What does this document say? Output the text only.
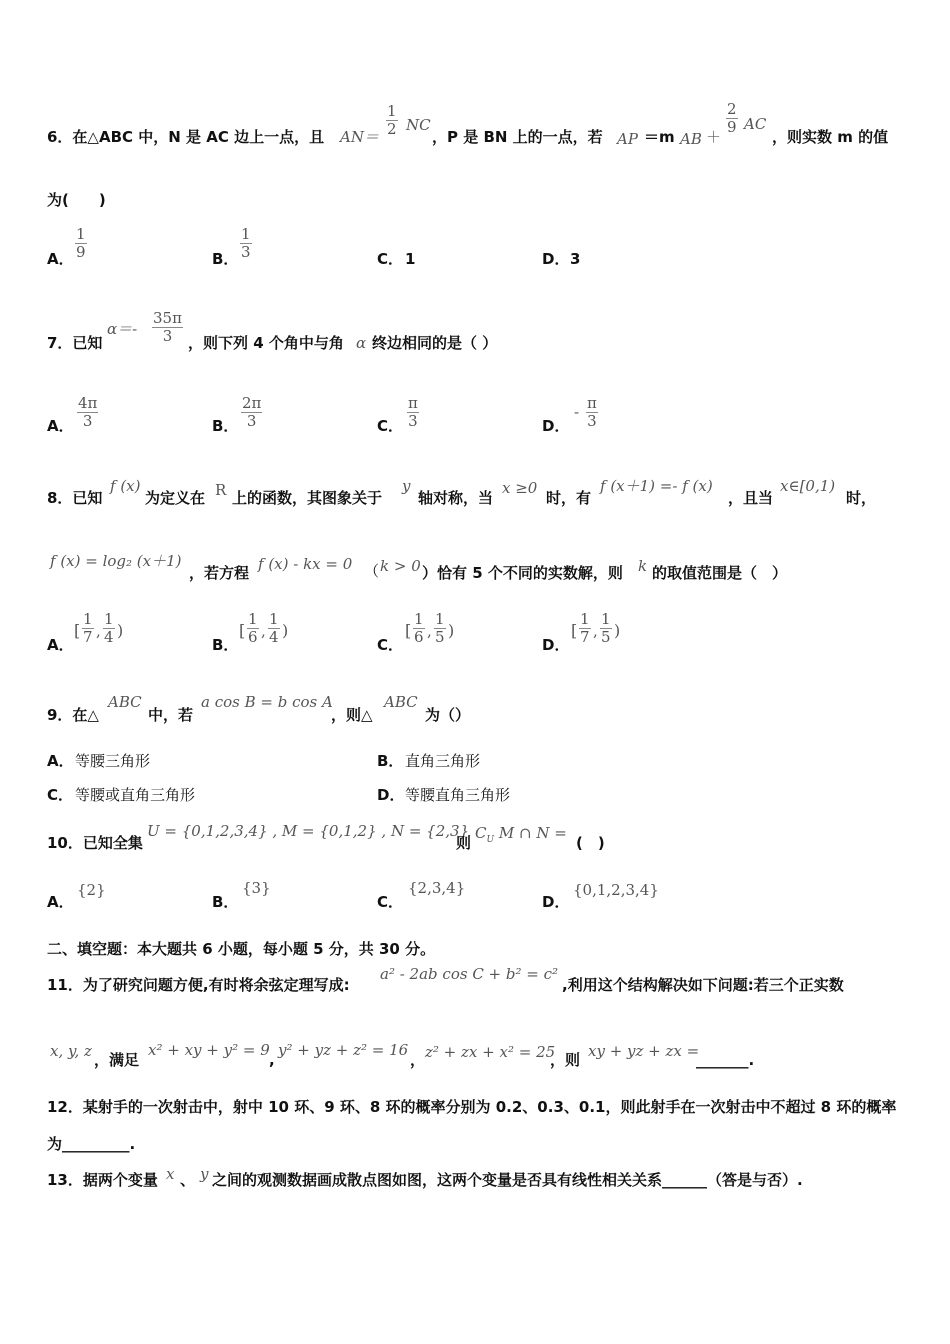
6．在△ABC 中，N 是 AC 边上一点，且 $AN= \frac{1}{2}$ NC
，P 是 BN 上的一点，若 AP ＝m AB ＋
$\frac{2}{9}$ AC
，则实数 m 的值
为(　　)
A． $\frac{1}{9}$	B． $\frac{1}{3}$	C． 1	D． 3
7．已知
$\alpha=- \frac{35\pi}{3}$ ，则下列 4 个角中与角 α 终边相同的是（ ）
A． $\frac{4\pi}{3}$	B． $\frac{2\pi}{3}$	C． $\frac{\pi}{3}$	D．
- $\frac{\pi}{3}$
8．已知
f (x)
为定义在 R 上的函数，其图象关于
y
轴对称，当
x ≥0
时，有
f (x＋1) =- f (x)
，且当
x∈[0,1)
时，
f (x) = log₂ (x＋1)
，若方程 f (x) - kx = 0 （ k > 0 ）恰有 5 个不同的实数解，则 k 的取值范围是（　）
A．
[ $\frac{1}{7}$ , $\frac{1}{4}$ )
B．
[ $\frac{1}{6}$ , $\frac{1}{4}$ )
C．
[ $\frac{1}{6}$ , $\frac{1}{5}$ )
D．
[ $\frac{1}{7}$ , $\frac{1}{5}$ )
9．在△
ABC
中，若
a cos B = b cos A
，则△
ABC
为（）
A． 等腰三角形	B． 直角三角形
C． 等腰或直角三角形	D． 等腰直角三角形
10．已知全集
U = {0,1,2,3,4} , M = {0,1,2} , N = {2,3}
则
$C_U$ M ∩ N =
(　)
A．
{2}
B．
{3}
C．
{2,3,4}
D．
{0,1,2,3,4}
二、填空题：本大题共 6 小题，每小题 5 分，共 30 分。
11．为了研究问题方便,有时将余弦定理写成:
a² - 2ab cos C + b² = c²
,利用这个结构解决如下问题:若三个正实数
x, y, z ，满足
x² + xy + y² = 9
,
y² + yz + z² = 16
， z² + zx + x² = 25
，则 xy + yz + zx =
_______.
12．某射手的一次射击中，射中 10 环、9 环、8 环的概率分别为 0.2、0.3、0.1，则此射手在一次射击中不超过 8 环的概率
为_________.
13．据两个变量 x 、 y 之间的观测数据画成散点图如图，这两个变量是否具有线性相关关系______（答是与否）.
